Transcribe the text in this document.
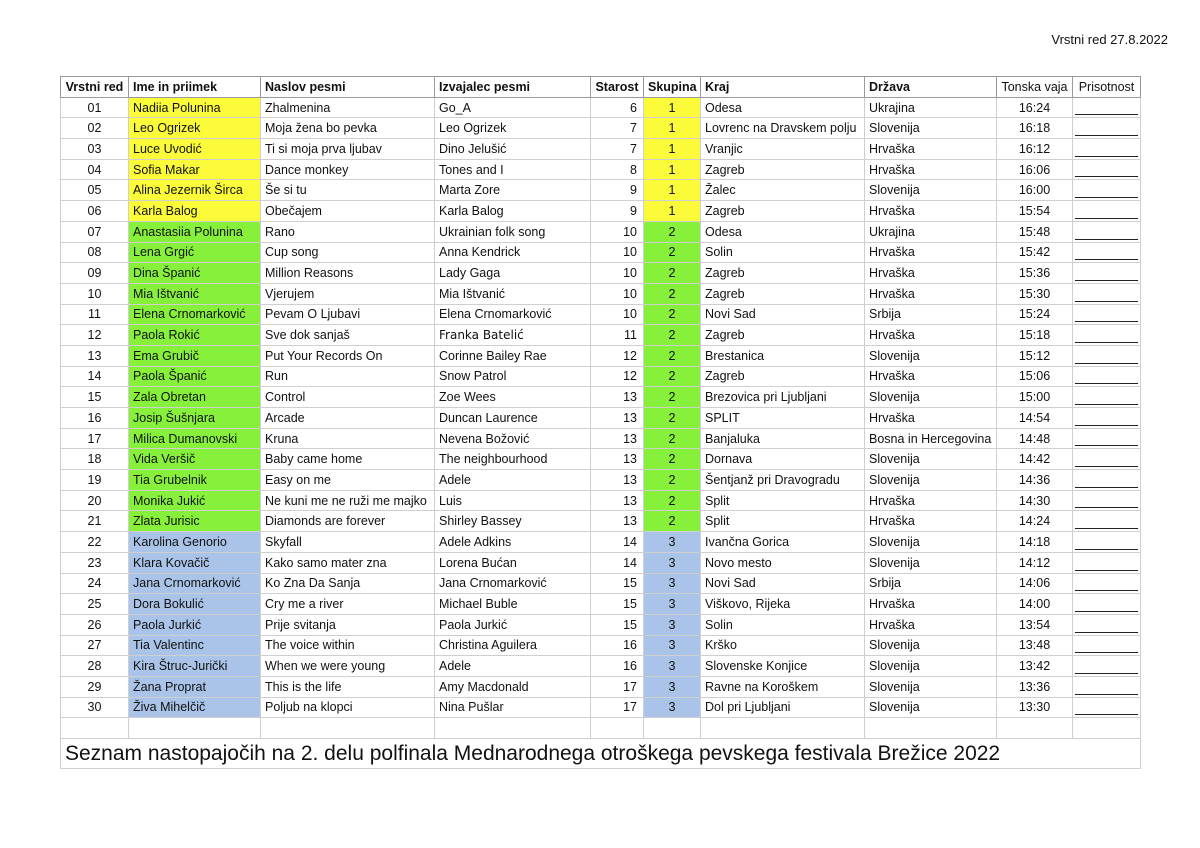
Vrstni red 27.8.2022
Vrstni red	Ime in priimek	Naslov pesmi	Izvajalec pesmi	Starost	Skupina	Kraj	Država	Tonska vaja	Prisotnost
01	Nadiia Polunina	Zhalmenina	Go_A	6	1	Odesa	Ukrajina	16:24	

02	Leo Ogrizek	Moja žena bo pevka	Leo Ogrizek	7	1	Lovrenc na Dravskem polju	Slovenija	16:18	

03	Luce Uvodić	Ti si moja prva ljubav	Dino Jelušić	7	1	Vranjic	Hrvaška	16:12	

04	Sofia Makar	Dance monkey	Tones and I	8	1	Zagreb	Hrvaška	16:06	

05	Alina Jezernik Širca	Še si tu	Marta Zore	9	1	Žalec	Slovenija	16:00	

06	Karla Balog	Obečajem	Karla Balog	9	1	Zagreb	Hrvaška	15:54	

07	Anastasiia Polunina	Rano	Ukrainian folk song	10	2	Odesa	Ukrajina	15:48	

08	Lena Grgić	Cup song	Anna Kendrick	10	2	Solin	Hrvaška	15:42	

09	Dina Španić	Million Reasons	Lady Gaga	10	2	Zagreb	Hrvaška	15:36	

10	Mia Ištvanić	Vjerujem	Mia Ištvanić	10	2	Zagreb	Hrvaška	15:30	

11	Elena Crnomarković	Pevam O Ljubavi	Elena Crnomarković	10	2	Novi Sad	Srbija	15:24	

12	Paola Rokić	Sve dok sanjaš	Franka Batelić	11	2	Zagreb	Hrvaška	15:18	

13	Ema Grubič	Put Your Records On	Corinne Bailey Rae	12	2	Brestanica	Slovenija	15:12	

14	Paola Španić	Run	Snow Patrol	12	2	Zagreb	Hrvaška	15:06	

15	Zala Obretan	Control	Zoe Wees	13	2	Brezovica pri Ljubljani	Slovenija	15:00	

16	Josip Šušnjara	Arcade	Duncan Laurence	13	2	SPLIT	Hrvaška	14:54	

17	Milica Dumanovski	Kruna	Nevena Božović	13	2	Banjaluka	Bosna in Hercegovina	14:48	

18	Vida Veršič	Baby came home	The neighbourhood	13	2	Dornava	Slovenija	14:42	

19	Tia Grubelnik	Easy on me	Adele	13	2	Šentjanž pri Dravogradu	Slovenija	14:36	

20	Monika Jukić	Ne kuni me ne ruži me majko	Luis	13	2	Split	Hrvaška	14:30	

21	Zlata Jurisic	Diamonds are forever	Shirley Bassey	13	2	Split	Hrvaška	14:24	

22	Karolina Genorio	Skyfall	Adele Adkins	14	3	Ivančna Gorica	Slovenija	14:18	

23	Klara Kovačič	Kako samo mater zna	Lorena Bućan	14	3	Novo mesto	Slovenija	14:12	

24	Jana Crnomarković	Ko Zna Da Sanja	Jana Crnomarković	15	3	Novi Sad	Srbija	14:06	

25	Dora Bokulić	Cry me a river	Michael Buble	15	3	Viškovo, Rijeka	Hrvaška	14:00	

26	Paola Jurkić	Prije svitanja	Paola Jurkić	15	3	Solin	Hrvaška	13:54	

27	Tia Valentinc	The voice within	Christina Aguilera	16	3	Krško	Slovenija	13:48	

28	Kira Štruc-Jurički	When we were young	Adele	16	3	Slovenske Konjice	Slovenija	13:42	

29	Žana Proprat	This is the life	Amy Macdonald	17	3	Ravne na Koroškem	Slovenija	13:36	

30	Živa Mihelčič	Poljub na klopci	Nina Pušlar	17	3	Dol pri Ljubljani	Slovenija	13:30	

Seznam nastopajočih na 2. delu polfinala Mednarodnega otroškega pevskega festivala Brežice 2022									
